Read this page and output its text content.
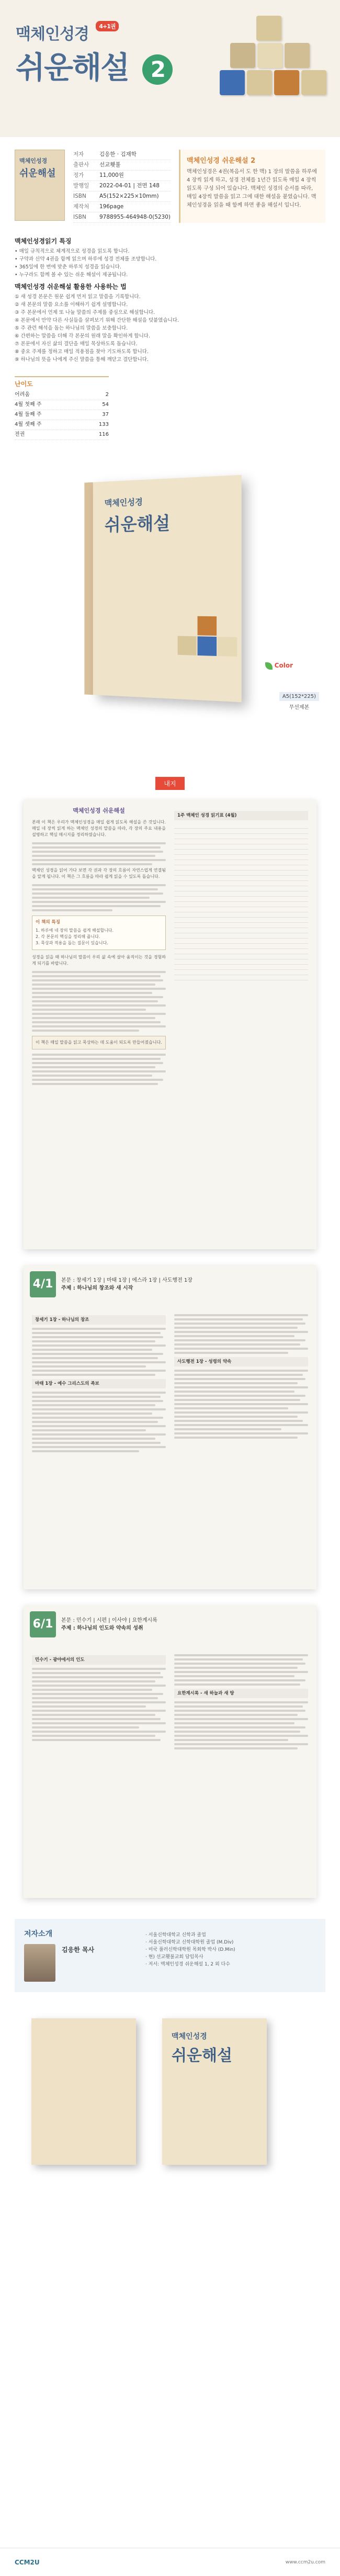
맥체인성경 4+1권
쉬운해설 2
맥체인성경
쉬운해설
저자	김응한 · 김재학
출판사	선교횃불
정가	11,000원
발행일	2022-04-01 | 전면 148
ISBN	A5(152×225×10mm)
제작처	196page
ISBN	9788955-464948-0(5230)
맥체인성경 쉬운해설 2
맥체인성경은 4권(복음서 도 한 맥) 1 장의 말씀을 하루에 4 장씩 읽게 하고, 성경 전체를 1년간 읽도록 매일 4 장씩 읽도록 구성 되어 있습니다. 맥체인 성경의 순서를 따라, 매일 4장씩 말씀을 읽고 그에 대한 해설을 붙였습니다. 맥체인성경을 읽을 때 함께 하면 좋을 해설서 입니다.
맥체인성경읽기 특징
• 매일 규칙적으로 체계적으로 성경을 읽도록 합니다.
• 구약과 신약 4권을 함께 읽으며 하루에 성경 전체를 조망합니다.
• 365일에 한 번에 맞춘 하루치 성경을 읽습니다.
• 누구라도 함께 볼 수 있는 쉬운 해설이 제공됩니다.
맥체인성경 쉬운해설 활용한 사용하는 법
① 새 성경 본문은 원문 쉽게 먼저 읽고 말씀을 기록합니다.
② 새 본문의 말씀 요소를 이해하기 쉽게 설명합니다.
③ 주 본문에서 언제 또 나눌 말씀의 주제를 중심으로 해설합니다.
④ 본문에서 만약 다른 사실들을 살펴보기 위해 간단한 해설을 덧붙였습니다.
⑤ 주 관련 해석을 돕는 하나님의 말씀을 보충합니다.
⑥ 간편하는 말씀을 더해 각 본문의 원래 말을 확인하게 합니다.
⑦ 본문에서 자신 삶의 결단을 매일 묵상하도록 돕습니다.
⑧ 중요 주제를 정하고 매일 적용점을 찾아 기도하도록 합니다.
⑨ 하나님의 뜻을 나에게 주신 말씀을 통해 깨닫고 결단합니다.
난이도
어려움	2
4월 첫째 주	54
4월 둘째 주	37
4월 셋째 주	133
전권	116
맥체인성경
쉬운해설
Color
A5(152*225)
무선제본
내지
맥체인성경 쉬운해설
본래 이 책은 우리가 맥체인성경을 매일 쉽게 읽도록 해설을 쓴 것입니다. 매일 네 장씩 읽게 하는 맥체인 성경의 말씀을 따라, 각 장의 주요 내용을 설명하고 핵심 메시지를 정리하였습니다.
맥체인 성경을 읽어 가다 보면 각 권과 각 장의 흐름이 자연스럽게 연결됨을 알게 됩니다. 이 책은 그 흐름을 따라 쉽게 읽을 수 있도록 돕습니다.
이 책의 특징
1. 하루에 네 장의 말씀을 쉽게 해설합니다.
2. 각 본문의 핵심을 정리해 줍니다.
3. 묵상과 적용을 돕는 질문이 있습니다.
성경을 읽을 때 하나님의 말씀이 우리 삶 속에 살아 움직이는 것을 경험하게 되기를 바랍니다.
이 책은 매일 말씀을 읽고 묵상하는 데 도움이 되도록 만들어졌습니다.
1주 맥체인 성경 읽기표 (4월)
4/1	본문 : 창세기 1장 | 마태 1장 | 에스라 1장 | 사도행전 1장
주제 : 하나님의 창조와 새 시작
창세기 1장 - 하나님의 창조
마태 1장 - 예수 그리스도의 족보
사도행전 1장 - 성령의 약속
6/1	본문 : 민수기 | 시편 | 이사야 | 요한계시록
주제 : 하나님의 인도와 약속의 성취
민수기 - 광야에서의 인도
요한계시록 - 새 하늘과 새 땅
저자소개
김응한 목사
· 서울신학대학교 신학과 졸업
· 서울신학대학교 신학대학원 졸업 (M.Div)
· 미국 풀러신학대학원 목회학 박사 (D.Min)
· 현) 선교횃불교회 담임목사
· 저서: 맥체인성경 쉬운해설 1, 2 외 다수
맥체인성경
쉬운해설
CCM2U	www.ccm2u.com
